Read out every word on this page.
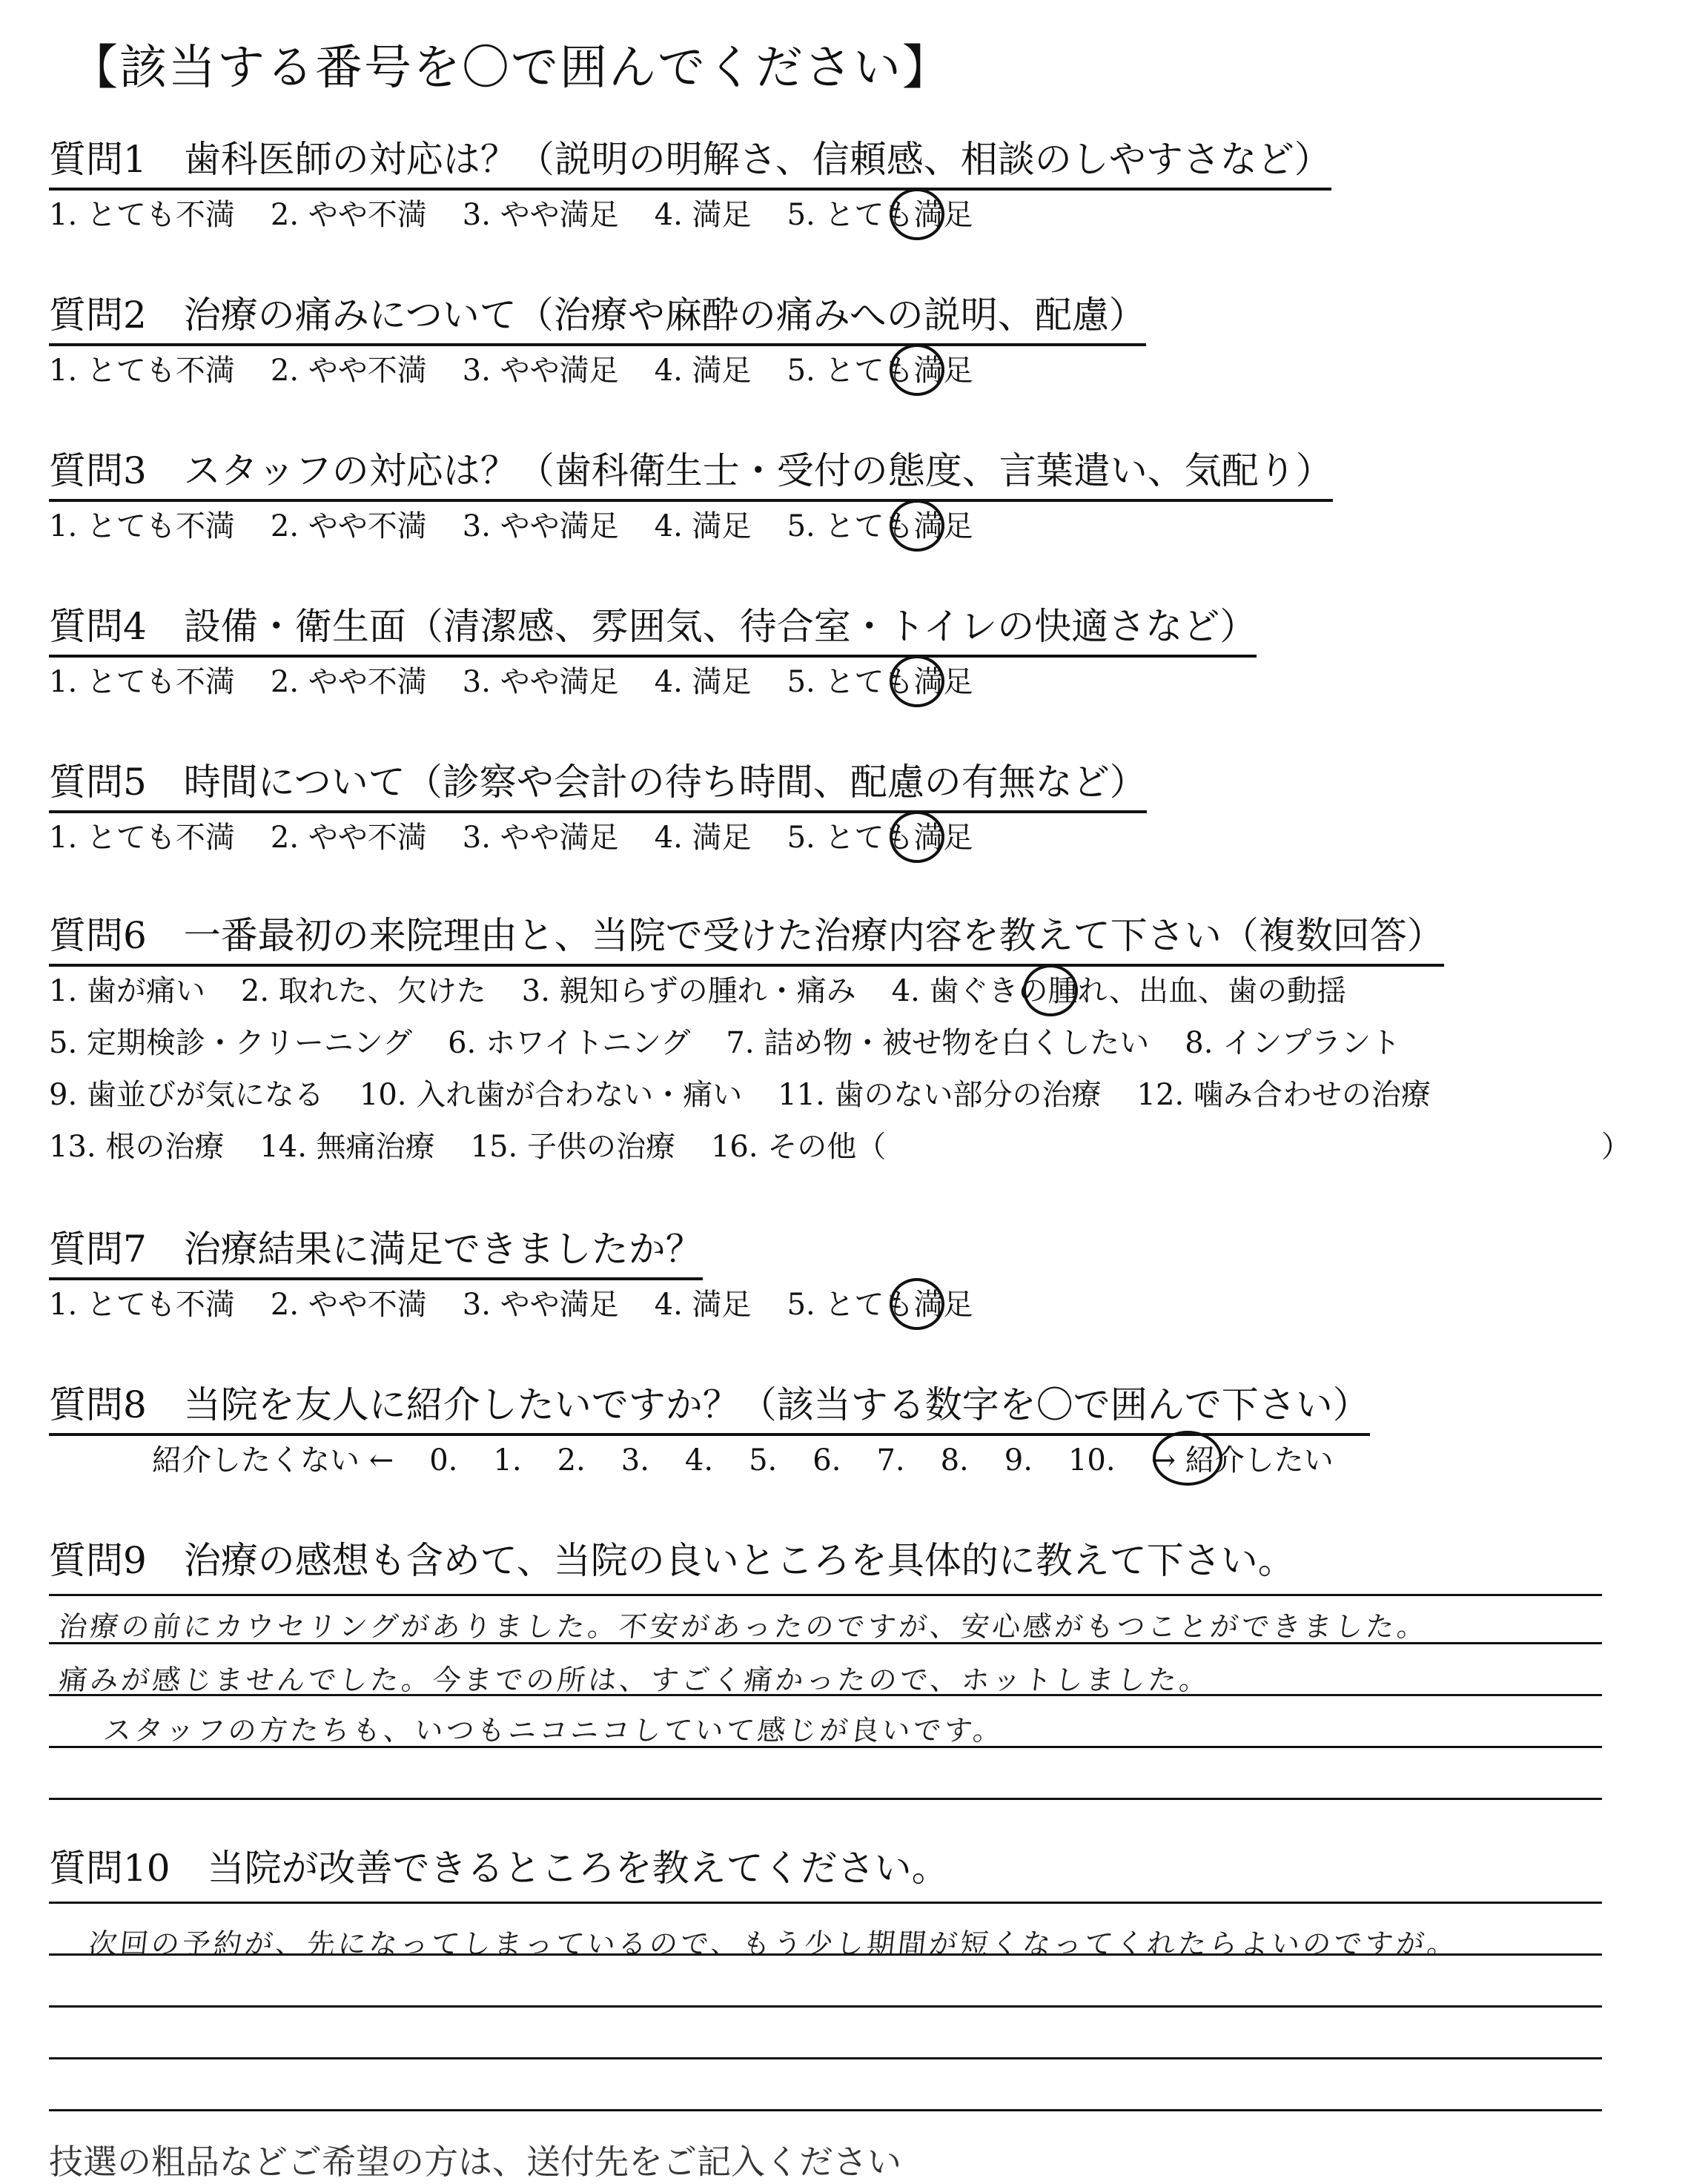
【該当する番号を〇で囲んでください】
質問1　歯科医師の対応は？（説明の明解さ、信頼感、相談のしやすさなど）
1. とても不満 2. やや不満 3. やや満足 4. 満足 5. とても満足
質問2　治療の痛みについて（治療や麻酔の痛みへの説明、配慮）
1. とても不満 2. やや不満 3. やや満足 4. 満足 5. とても満足
質問3　スタッフの対応は？（歯科衛生士・受付の態度、言葉遣い、気配り）
1. とても不満 2. やや不満 3. やや満足 4. 満足 5. とても満足
質問4　設備・衛生面（清潔感、雰囲気、待合室・トイレの快適さなど）
1. とても不満 2. やや不満 3. やや満足 4. 満足 5. とても満足
質問5　時間について（診察や会計の待ち時間、配慮の有無など）
1. とても不満 2. やや不満 3. やや満足 4. 満足 5. とても満足
質問6　一番最初の来院理由と、当院で受けた治療内容を教えて下さい（複数回答）
1. 歯が痛い 2. 取れた、欠けた 3. 親知らずの腫れ・痛み 4. 歯ぐきの腫れ、出血、歯の動揺
5. 定期検診・クリーニング 6. ホワイトニング 7. 詰め物・被せ物を白くしたい 8. インプラント
9. 歯並びが気になる 10. 入れ歯が合わない・痛い 11. 歯のない部分の治療 12. 噛み合わせの治療
13. 根の治療 14. 無痛治療 15. 子供の治療 16. その他（	）
質問7　治療結果に満足できましたか？
1. とても不満 2. やや不満 3. やや満足 4. 満足 5. とても満足
質問8　当院を友人に紹介したいですか？（該当する数字を〇で囲んで下さい）
紹介したくない ← 0. 1. 2. 3. 4. 5. 6. 7. 8. 9. 10. → 紹介したい
質問9　治療の感想も含めて、当院の良いところを具体的に教えて下さい。
治療の前にカウセリングがありました。不安があったのですが、安心感がもつことができました。
痛みが感じませんでした。今までの所は、すごく痛かったので、ホットしました。
スタッフの方たちも、いつもニコニコしていて感じが良いです。
質問10　当院が改善できるところを教えてください。
次回の予約が、先になってしまっているので、もう少し期間が短くなってくれたらよいのですが。
技選の粗品などご希望の方は、送付先をご記入ください
